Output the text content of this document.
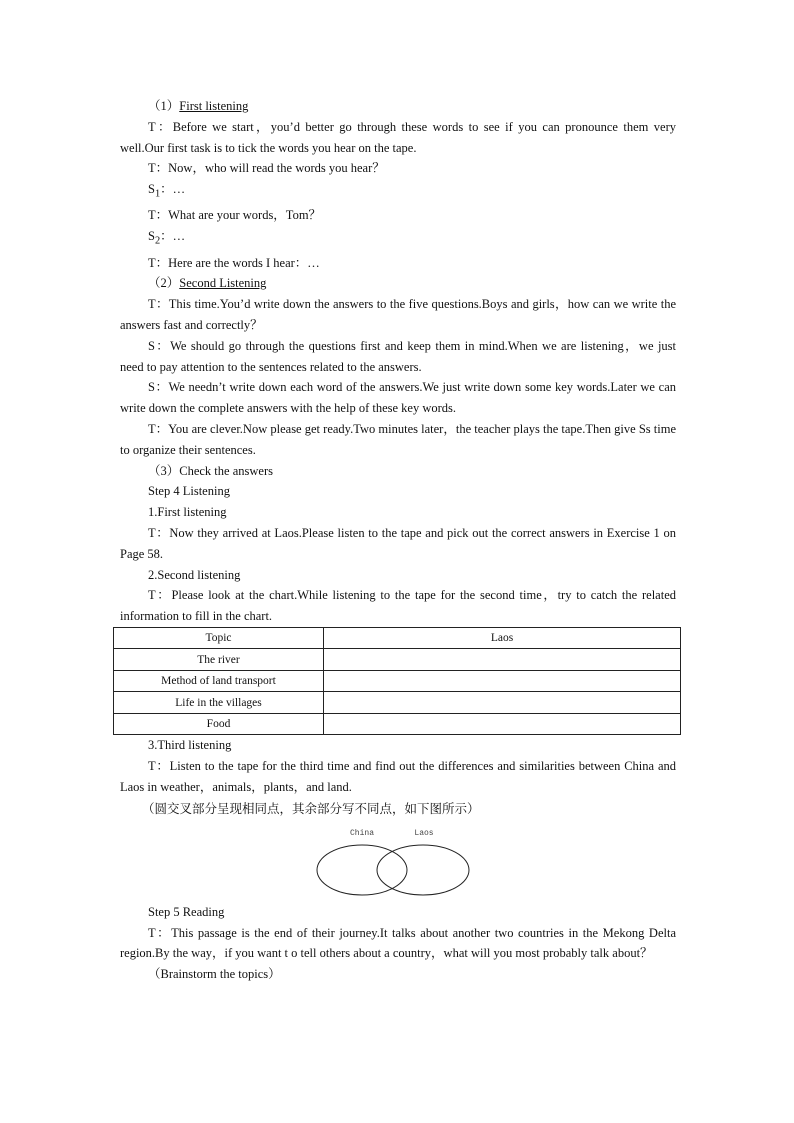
（1）First listening

T：Before we start，you’d better go through these words to see if you can pronounce them very well.Our first task is to tick the words you hear on the tape.

T：Now，who will read the words you hear？

$S_1$：…

T：What are your words，Tom？

$S_2$：…

T：Here are the words I hear：…

（2）Second Listening

T：This time.You’d write down the answers to the five questions.Boys and girls，how can we write the answers fast and correctly？

S：We should go through the questions first and keep them in mind.When we are listening，we just need to pay attention to the sentences related to the answers.

S：We needn’t write down each word of the answers.We just write down some key words.Later we can write down the complete answers with the help of these key words.

T：You are clever.Now please get ready.Two minutes later，the teacher plays the tape.Then give Ss time to organize their sentences.

（3）Check the answers

Step 4 Listening

1.First listening

T：Now they arrived at Laos.Please listen to the tape and pick out the correct answers in Exercise 1 on Page 58.

2.Second listening

T：Please look at the chart.While listening to the tape for the second time，try to catch the related information to fill in the chart.

Topic	Laos
The river	
Method of land transport	
Life in the villages	
Food	

3.Third listening

T：Listen to the tape for the third time and find out the differences and similarities between China and Laos in weather，animals，plants，and land.

（圆交叉部分呈现相同点，其余部分写不同点，如下图所示）

China	Laos

Step 5 Reading

T：This passage is the end of their journey.It talks about another two countries in the Mekong Delta region.By the way，if you want t o tell others about a country，what will you most probably talk about？

（Brainstorm the topics）
